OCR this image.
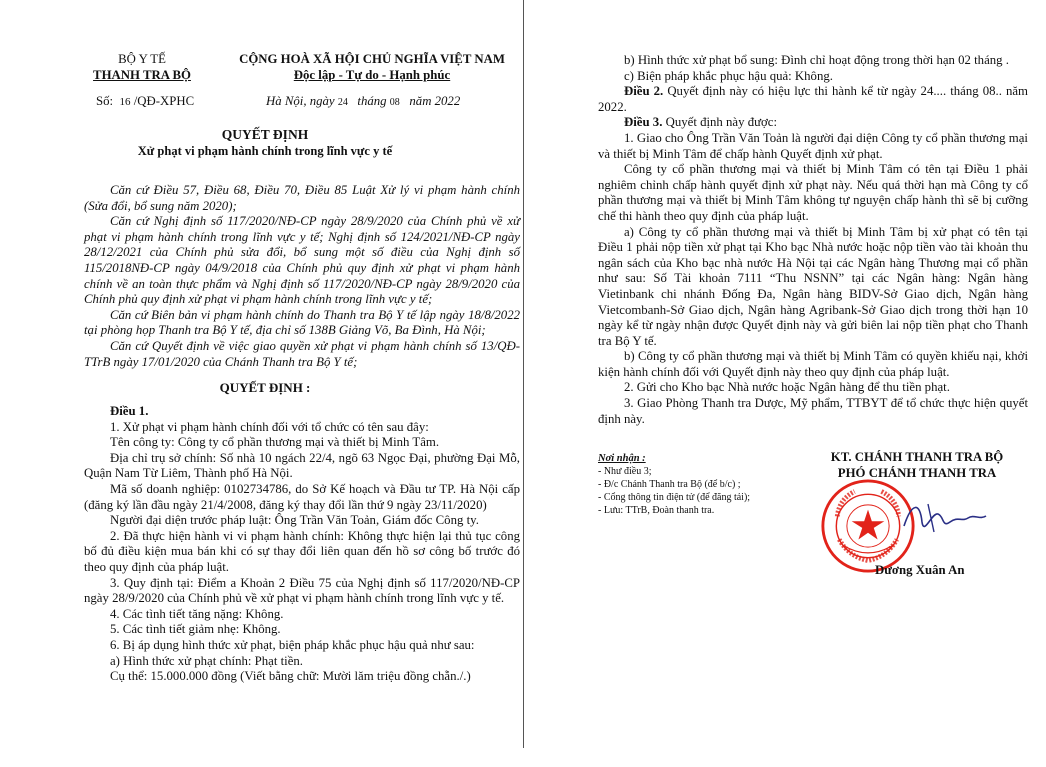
BỘ Y TẾ
THANH TRA BỘ
Số: 16 /QĐ-XPHC
CỘNG HOÀ XÃ HỘI CHỦ NGHĨA VIỆT NAM
Độc lập - Tự do - Hạnh phúc
Hà Nội, ngày 24 tháng 08 năm 2022
QUYẾT ĐỊNH
Xử phạt vi phạm hành chính trong lĩnh vực y tế

Căn cứ Điều 57, Điều 68, Điều 70, Điều 85 Luật Xử lý vi phạm hành chính (Sửa đổi, bổ sung năm 2020);

Căn cứ Nghị định số 117/2020/NĐ-CP ngày 28/9/2020 của Chính phủ về xử phạt vi phạm hành chính trong lĩnh vực y tế; Nghị định số 124/2021/NĐ-CP ngày 28/12/2021 của Chính phủ sửa đổi, bổ sung một số điều của Nghị định số 115/2018NĐ-CP ngày 04/9/2018 của Chính phủ quy định xử phạt vi phạm hành chính về an toàn thực phẩm và Nghị định số 117/2020/NĐ-CP ngày 28/9/2020 của Chính phủ quy định xử phạt vi phạm hành chính trong lĩnh vực y tế;

Căn cứ Biên bản vi phạm hành chính do Thanh tra Bộ Y tế lập ngày 18/8/2022 tại phòng họp Thanh tra Bộ Y tế, địa chỉ số 138B Giảng Võ, Ba Đình, Hà Nội;

Căn cứ Quyết định về việc giao quyền xử phạt vi phạm hành chính số 13/QĐ-TTrB ngày 17/01/2020 của Chánh Thanh tra Bộ Y tế;

QUYẾT ĐỊNH :

Điều 1.

1. Xử phạt vi phạm hành chính đối với tổ chức có tên sau đây:

Tên công ty: Công ty cổ phần thương mại và thiết bị Minh Tâm.

Địa chỉ trụ sở chính: Số nhà 10 ngách 22/4, ngõ 63 Ngọc Đại, phường Đại Mỗ, Quận Nam Từ Liêm, Thành phố Hà Nội.

Mã số doanh nghiệp: 0102734786, do Sở Kế hoạch và Đầu tư TP. Hà Nội cấp (đăng ký lần đầu ngày 21/4/2008, đăng ký thay đổi lần thứ 9 ngày 23/11/2020)

Người đại diện trước pháp luật: Ông Trần Văn Toản, Giám đốc Công ty.

2. Đã thực hiện hành vi vi phạm hành chính: Không thực hiện lại thủ tục công bố đủ điều kiện mua bán khi có sự thay đổi liên quan đến hồ sơ công bố trước đó theo quy định của pháp luật.

3. Quy định tại: Điểm a Khoản 2 Điều 75 của Nghị định số 117/2020/NĐ-CP ngày 28/9/2020 của Chính phủ về xử phạt vi phạm hành chính trong lĩnh vực y tế.

4. Các tình tiết tăng nặng: Không.

5. Các tình tiết giảm nhẹ: Không.

6. Bị áp dụng hình thức xử phạt, biện pháp khắc phục hậu quả như sau:

a) Hình thức xử phạt chính: Phạt tiền.

Cụ thể: 15.000.000 đồng (Viết bằng chữ: Mười lăm triệu đồng chẵn./.)

b) Hình thức xử phạt bổ sung: Đình chỉ hoạt động trong thời hạn 02 tháng .

c) Biện pháp khắc phục hậu quả: Không.

Điều 2. Quyết định này có hiệu lực thi hành kể từ ngày 24.... tháng 08.. năm 2022.

Điều 3. Quyết định này được:

1. Giao cho Ông Trần Văn Toản là người đại diện Công ty cổ phần thương mại và thiết bị Minh Tâm để chấp hành Quyết định xử phạt.

Công ty cổ phần thương mại và thiết bị Minh Tâm có tên tại Điều 1 phải nghiêm chỉnh chấp hành quyết định xử phạt này. Nếu quá thời hạn mà Công ty cổ phần thương mại và thiết bị Minh Tâm không tự nguyện chấp hành thì sẽ bị cưỡng chế thi hành theo quy định của pháp luật.

a) Công ty cổ phần thương mại và thiết bị Minh Tâm bị xử phạt có tên tại Điều 1 phải nộp tiền xử phạt tại Kho bạc Nhà nước hoặc nộp tiền vào tài khoản thu ngân sách của Kho bạc nhà nước Hà Nội tại các Ngân hàng Thương mại cổ phần như sau: Số Tài khoản 7111 “Thu NSNN” tại các Ngân hàng: Ngân hàng Vietinbank chi nhánh Đống Đa, Ngân hàng BIDV-Sở Giao dịch, Ngân hàng Vietcombanh-Sở Giao dịch, Ngân hàng Agribank-Sở Giao dịch trong thời hạn 10 ngày kể từ ngày nhận được Quyết định này và gửi biên lai nộp tiền phạt cho Thanh tra Bộ Y tế.

b) Công ty cổ phần thương mại và thiết bị Minh Tâm có quyền khiếu nại, khởi kiện hành chính đối với Quyết định này theo quy định của pháp luật.

2. Gửi cho Kho bạc Nhà nước hoặc Ngân hàng để thu tiền phạt.

3. Giao Phòng Thanh tra Dược, Mỹ phẩm, TTBYT để tổ chức thực hiện quyết định này.

Nơi nhận :
- Như điều 3;
- Đ/c Chánh Thanh tra Bộ (để b/c) ;
- Cổng thông tin điện tử (để đăng tải);
- Lưu: TTrB, Đoàn thanh tra.
KT. CHÁNH THANH TRA BỘ
PHÓ CHÁNH THANH TRA
Dương Xuân An
